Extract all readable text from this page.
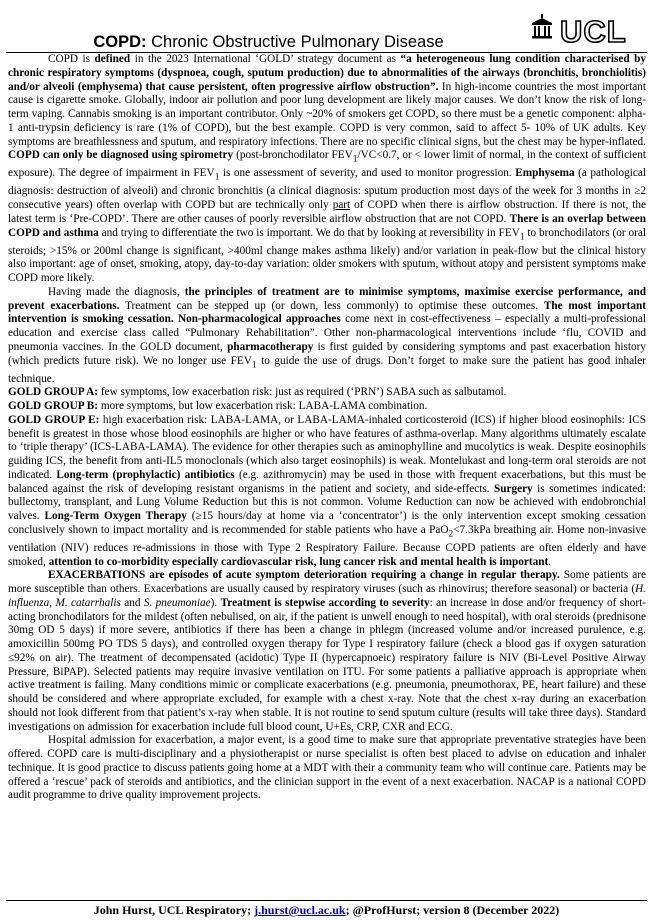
COPD: Chronic Obstructive Pulmonary Disease	UCL

COPD is defined in the 2023 International ‘GOLD’ strategy document as “a heterogeneous lung condition characterised by chronic respiratory symptoms (dyspnoea, cough, sputum production) due to abnormalities of the airways (bronchitis, bronchiolitis) and/or alveoli (emphysema) that cause persistent, often progressive airflow obstruction”. In high-income countries the most important cause is cigarette smoke. Globally, indoor air pollution and poor lung development are likely major causes. We don’t know the risk of long-term vaping. Cannabis smoking is an important contributor. Only ~20% of smokers get COPD, so there must be a genetic component: alpha-1 anti-trypsin deficiency is rare (1% of COPD), but the best example. COPD is very common, said to affect 5- 10% of UK adults. Key symptoms are breathlessness and sputum, and respiratory infections. There are no specific clinical signs, but the chest may be hyper-inflated. COPD can only be diagnosed using spirometry (post-bronchodilator $FEV_1/VC<0.7$, or < lower limit of normal, in the context of sufficient exposure). The degree of impairment in $FEV_1$ is one assessment of severity, and used to monitor progression. Emphysema (a pathological diagnosis: destruction of alveoli) and chronic bronchitis (a clinical diagnosis: sputum production most days of the week for 3 months in ≥2 consecutive years) often overlap with COPD but are technically only part of COPD when there is airflow obstruction. If there is not, the latest term is ‘Pre-COPD’. There are other causes of poorly reversible airflow obstruction that are not COPD. There is an overlap between COPD and asthma and trying to differentiate the two is important. We do that by looking at reversibility in $FEV_1$ to bronchodilators (or oral steroids; >15% or 200ml change is significant, >400ml change makes asthma likely) and/or variation in peak-flow but the clinical history also important: age of onset, smoking, atopy, day-to-day variation: older smokers with sputum, without atopy and persistent symptoms make COPD more likely.

Having made the diagnosis, the principles of treatment are to minimise symptoms, maximise exercise performance, and prevent exacerbations. Treatment can be stepped up (or down, less commonly) to optimise these outcomes. The most important intervention is smoking cessation. Non-pharmacological approaches come next in cost-effectiveness – especially a multi-professional education and exercise class called “Pulmonary Rehabilitation”. Other non-pharmacological interventions include ‘flu, COVID and pneumonia vaccines. In the GOLD document, pharmacotherapy is first guided by considering symptoms and past exacerbation history (which predicts future risk). We no longer use $FEV_1$ to guide the use of drugs. Don’t forget to make sure the patient has good inhaler technique.

GOLD GROUP A: few symptoms, low exacerbation risk: just as required (‘PRN’) SABA such as salbutamol.

GOLD GROUP B: more symptoms, but low exacerbation risk: LABA-LAMA combination.

GOLD GROUP E: high exacerbation risk: LABA-LAMA, or LABA-LAMA-inhaled corticosteroid (ICS) if higher blood eosinophils: ICS benefit is greatest in those whose blood eosinophils are higher or who have features of asthma-overlap. Many algorithms ultimately escalate to ‘triple therapy’ (ICS-LABA-LAMA). The evidence for other therapies such as aminophylline and mucolytics is weak. Despite eosinophils guiding ICS, the benefit from anti-IL5 monoclonals (which also target eosinophils) is weak. Montelukast and long-term oral steroids are not indicated. Long-term (prophylactic) antibiotics (e.g. azithromycin) may be used in those with frequent exacerbations, but this must be balanced against the risk of developing resistant organisms in the patient and society, and side-effects. Surgery is sometimes indicated: bullectomy, transplant, and Lung Volume Reduction but this is not common. Volume Reduction can now be achieved with endobronchial valves. Long-Term Oxygen Therapy (≥15 hours/day at home via a ‘concentrator’) is the only intervention except smoking cessation conclusively shown to impact mortality and is recommended for stable patients who have a PaO$_2$<7.3kPa breathing air. Home non-invasive ventilation (NIV) reduces re-admissions in those with Type 2 Respiratory Failure. Because COPD patients are often elderly and have smoked, attention to co-morbidity especially cardiovascular risk, lung cancer risk and mental health is important.

EXACERBATIONS are episodes of acute symptom deterioration requiring a change in regular therapy. Some patients are more susceptible than others. Exacerbations are usually caused by respiratory viruses (such as rhinovirus; therefore seasonal) or bacteria (H. influenza, M. catarrhalis and S. pneumoniae). Treatment is stepwise according to severity: an increase in dose and/or frequency of short-acting bronchodilators for the mildest (often nebulised, on air, if the patient is unwell enough to need hospital), with oral steroids (prednisone 30mg OD 5 days) if more severe, antibiotics if there has been a change in phlegm (increased volume and/or increased purulence, e.g. amoxicillin 500mg PO TDS 5 days), and controlled oxygen therapy for Type I respiratory failure (check a blood gas if oxygen saturation ≤92% on air). The treatment of decompensated (acidotic) Type II (hypercapnoeic) respiratory failure is NIV (Bi-Level Positive Airway Pressure, BiPAP). Selected patients may require invasive ventilation on ITU. For some patients a palliative approach is appropriate when active treatment is failing. Many conditions mimic or complicate exacerbations (e.g. pneumonia, pneumothorax, PE, heart failure) and these should be considered and where appropriate excluded, for example with a chest x-ray. Note that the chest x-ray during an exacerbation should not look different from that patient’s x-ray when stable. It is not routine to send sputum culture (results will take three days). Standard investigations on admission for exacerbation include full blood count, U+Es, CRP, CXR and ECG.

Hospital admission for exacerbation, a major event, is a good time to make sure that appropriate preventative strategies have been offered. COPD care is multi-disciplinary and a physiotherapist or nurse specialist is often best placed to advise on education and inhaler technique. It is good practice to discuss patients going home at a MDT with their a community team who will continue care. Patients may be offered a ‘rescue’ pack of steroids and antibiotics, and the clinician support in the event of a next exacerbation. NACAP is a national COPD audit programme to drive quality improvement projects.

John Hurst, UCL Respiratory; j.hurst@ucl.ac.uk; @ProfHurst; version 8 (December 2022)
